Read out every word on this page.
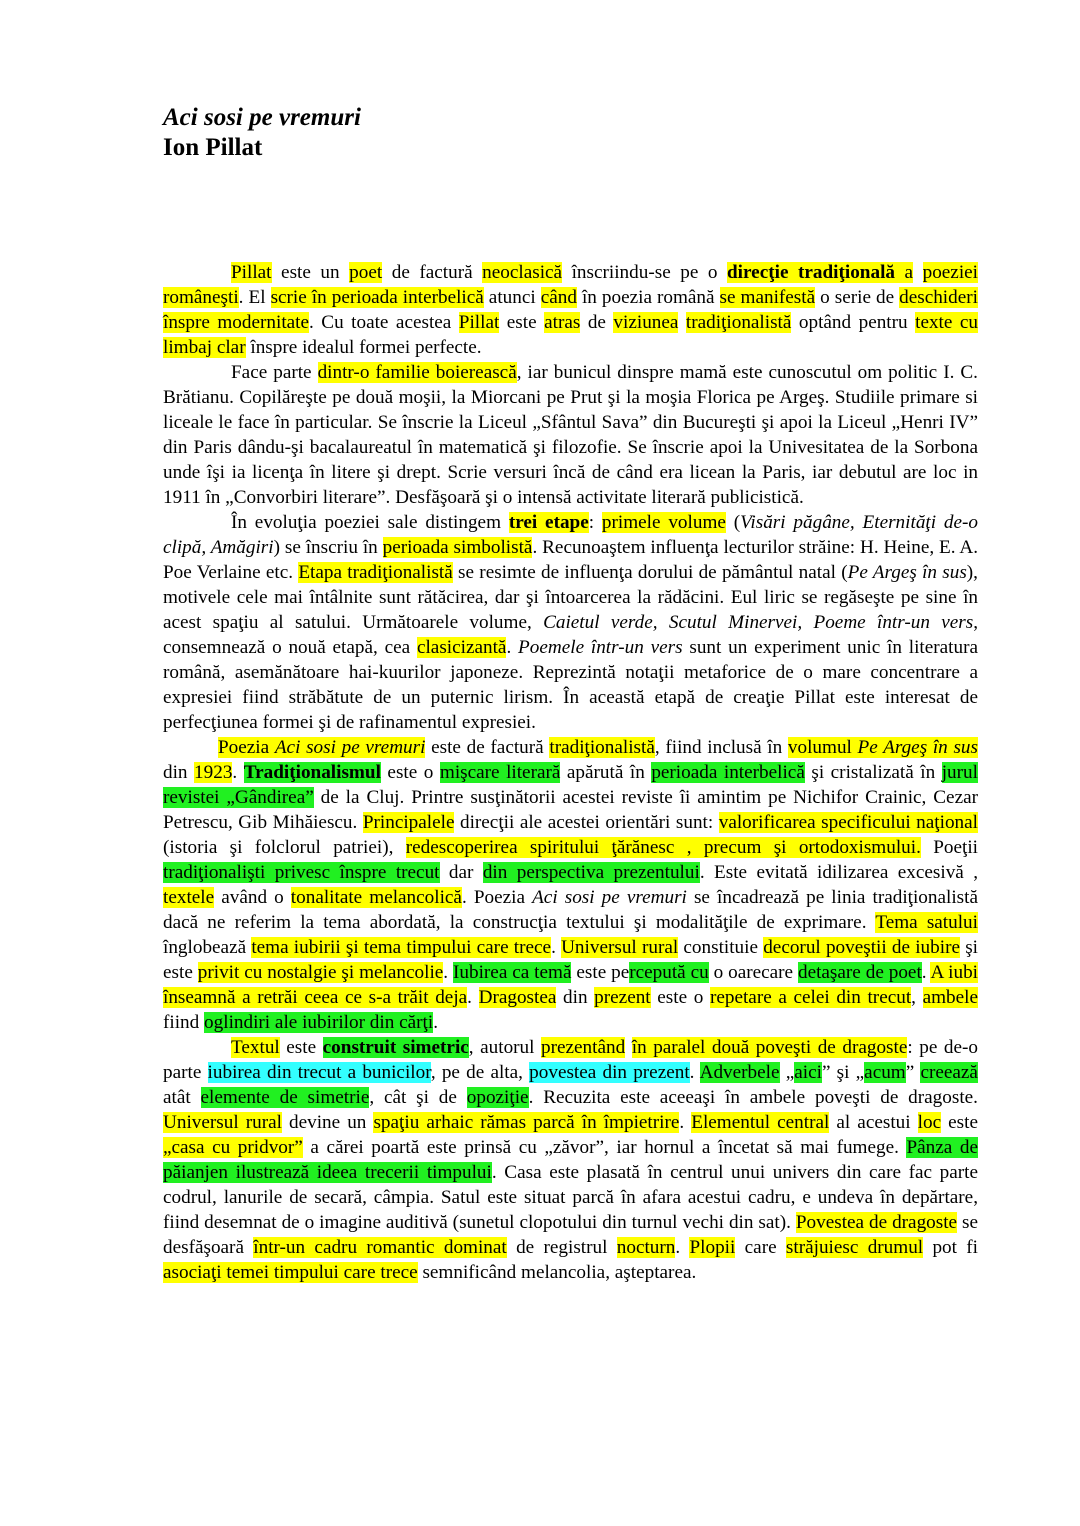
Aci sosi pe vremuri

Ion Pillat

Pillat este un poet de factură neoclasică înscriindu-se pe o direcţie tradiţională a poeziei româneşti. El scrie în perioada interbelică atunci când în poezia română se manifestă o serie de deschideri înspre modernitate. Cu toate acestea Pillat este atras de viziunea tradiţionalistă optând pentru texte cu limbaj clar înspre idealul formei perfecte.

Face parte dintr-o familie boierească, iar bunicul dinspre mamă este cunoscutul om politic I. C. Brătianu. Copilăreşte pe două moşii, la Miorcani pe Prut şi la moşia Florica pe Argeş. Studiile primare si liceale le face în particular. Se înscrie la Liceul „Sfântul Sava” din Bucureşti şi apoi la Liceul „Henri IV” din Paris dându-şi bacalaureatul în matematică şi filozofie. Se înscrie apoi la Univesitatea de la Sorbona unde îşi ia licenţa în litere şi drept. Scrie versuri încă de când era licean la Paris, iar debutul are loc in 1911 în „Convorbiri literare”. Desfăşoară şi o intensă activitate literară publicistică.

În evoluţia poeziei sale distingem trei etape: primele volume (Visări păgâne, Eternităţi de-o clipă, Amăgiri) se înscriu în perioada simbolistă. Recunoaştem influenţa lecturilor străine: H. Heine, E. A. Poe Verlaine etc. Etapa tradiţionalistă se resimte de influenţa dorului de pământul natal (Pe Argeş în sus), motivele cele mai întâlnite sunt rătăcirea, dar şi întoarcerea la rădăcini. Eul liric se regăseşte pe sine în acest spaţiu al satului. Următoarele volume, Caietul verde, Scutul Minervei, Poeme într-un vers, consemnează o nouă etapă, cea clasicizantă. Poemele într-un vers sunt un experiment unic în literatura română, asemănătoare hai-kuurilor japoneze. Reprezintă notaţii metaforice de o mare concentrare a expresiei fiind străbătute de un puternic lirism. În această etapă de creaţie Pillat este interesat de perfecţiunea formei şi de rafinamentul expresiei.

Poezia Aci sosi pe vremuri este de factură tradiţionalistă, fiind inclusă în volumul Pe Argeş în sus din 1923. Tradiţionalismul este o mişcare literară apărută în perioada interbelică şi cristalizată în jurul revistei „Gândirea” de la Cluj. Printre susţinătorii acestei reviste îi amintim pe Nichifor Crainic, Cezar Petrescu, Gib Mihăiescu. Principalele direcţii ale acestei orientări sunt: valorificarea specificului naţional (istoria şi folclorul patriei), redescoperirea spiritului ţărănesc , precum şi ortodoxismului. Poeţii tradiţionalişti privesc înspre trecut dar din perspectiva prezentului. Este evitată idilizarea excesivă , textele având o tonalitate melancolică. Poezia Aci sosi pe vremuri se încadrează pe linia tradiţionalistă dacă ne referim la tema abordată, la construcţia textului şi modalităţile de exprimare. Tema satului înglobează tema iubirii şi tema timpului care trece. Universul rural constituie decorul poveştii de iubire şi este privit cu nostalgie şi melancolie. Iubirea ca temă este percepută cu o oarecare detaşare de poet. A iubi înseamnă a retrăi ceea ce s-a trăit deja. Dragostea din prezent este o repetare a celei din trecut, ambele fiind oglindiri ale iubirilor din cărţi.

Textul este construit simetric, autorul prezentând în paralel două poveşti de dragoste: pe de-o parte iubirea din trecut a bunicilor, pe de alta, povestea din prezent. Adverbele „aici” şi „acum” creează atât elemente de simetrie, cât şi de opoziţie. Recuzita este aceeaşi în ambele poveşti de dragoste. Universul rural devine un spaţiu arhaic rămas parcă în împietrire. Elementul central al acestui loc este „casa cu pridvor” a cărei poartă este prinsă cu „zăvor”, iar hornul a încetat să mai fumege. Pânza de păianjen ilustrează ideea trecerii timpului. Casa este plasată în centrul unui univers din care fac parte codrul, lanurile de secară, câmpia. Satul este situat parcă în afara acestui cadru, e undeva în depărtare, fiind desemnat de o imagine auditivă (sunetul clopotului din turnul vechi din sat). Povestea de dragoste se desfăşoară într-un cadru romantic dominat de registrul nocturn. Plopii care străjuiesc drumul pot fi asociaţi temei timpului care trece semnificând melancolia, aşteptarea.
